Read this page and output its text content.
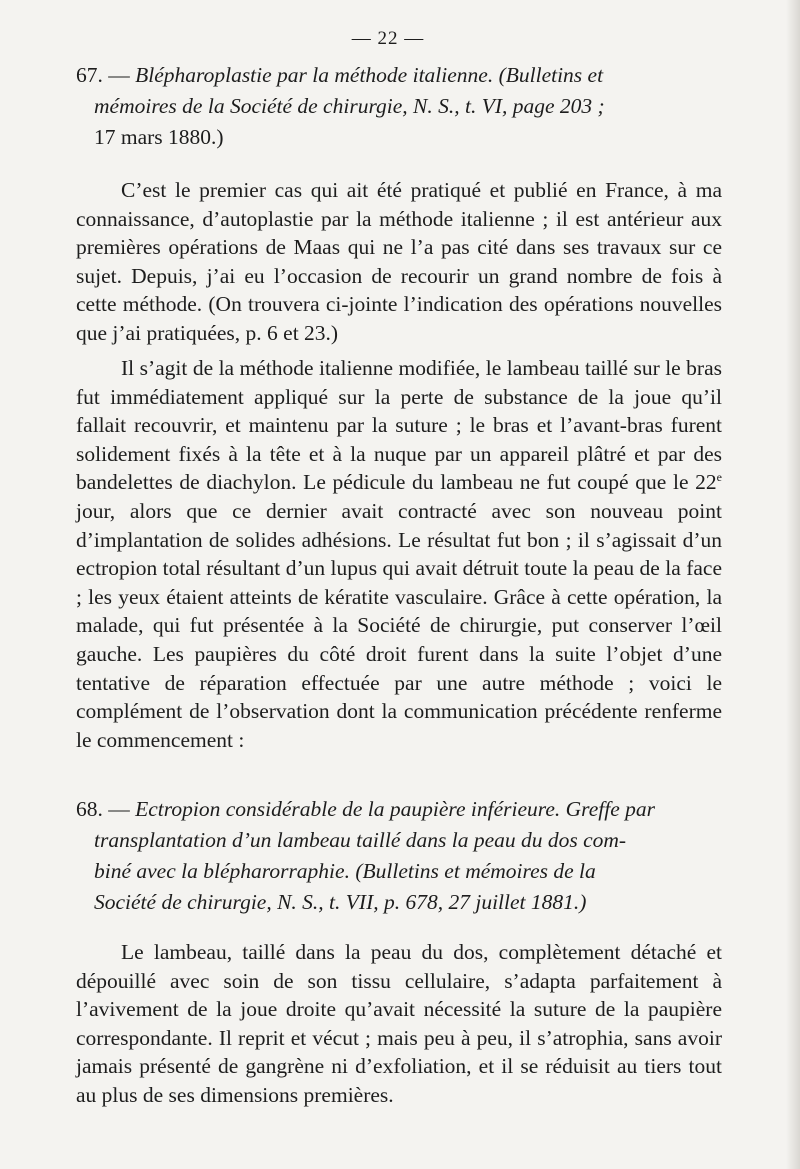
— 22 —
67. — Blépharoplastie par la méthode italienne. (Bulletins et
mémoires de la Société de chirurgie, N. S., t. VI, page 203 ;
17 mars 1880.)

C’est le premier cas qui ait été pratiqué et publié en France, à ma connaissance, d’autoplastie par la méthode italienne ; il est antérieur aux premières opérations de Maas qui ne l’a pas cité dans ses travaux sur ce sujet. Depuis, j’ai eu l’occasion de recourir un grand nombre de fois à cette méthode. (On trouvera ci-jointe l’indication des opérations nouvelles que j’ai pratiquées, p. 6 et 23.)

Il s’agit de la méthode italienne modifiée, le lambeau taillé sur le bras fut immédiatement appliqué sur la perte de substance de la joue qu’il fallait recouvrir, et maintenu par la suture ; le bras et l’avant-bras furent solidement fixés à la tête et à la nuque par un appareil plâtré et par des bandelettes de diachylon. Le pédicule du lambeau ne fut coupé que le 22e jour, alors que ce dernier avait contracté avec son nouveau point d’implantation de solides adhésions. Le résultat fut bon ; il s’agissait d’un ectropion total résultant d’un lupus qui avait détruit toute la peau de la face ; les yeux étaient atteints de kératite vasculaire. Grâce à cette opération, la malade, qui fut présentée à la Société de chirurgie, put conserver l’œil gauche. Les paupières du côté droit furent dans la suite l’objet d’une tentative de réparation effectuée par une autre méthode ; voici le complément de l’observation dont la communication précédente renferme le commencement :

68. — Ectropion considérable de la paupière inférieure. Greffe par
transplantation d’un lambeau taillé dans la peau du dos com-
biné avec la blépharorraphie. (Bulletins et mémoires de la
Société de chirurgie, N. S., t. VII, p. 678, 27 juillet 1881.)

Le lambeau, taillé dans la peau du dos, complètement détaché et dépouillé avec soin de son tissu cellulaire, s’adapta parfaitement à l’avivement de la joue droite qu’avait nécessité la suture de la paupière correspondante. Il reprit et vécut ; mais peu à peu, il s’atrophia, sans avoir jamais présenté de gangrène ni d’exfoliation, et il se réduisit au tiers tout au plus de ses dimensions premières.
